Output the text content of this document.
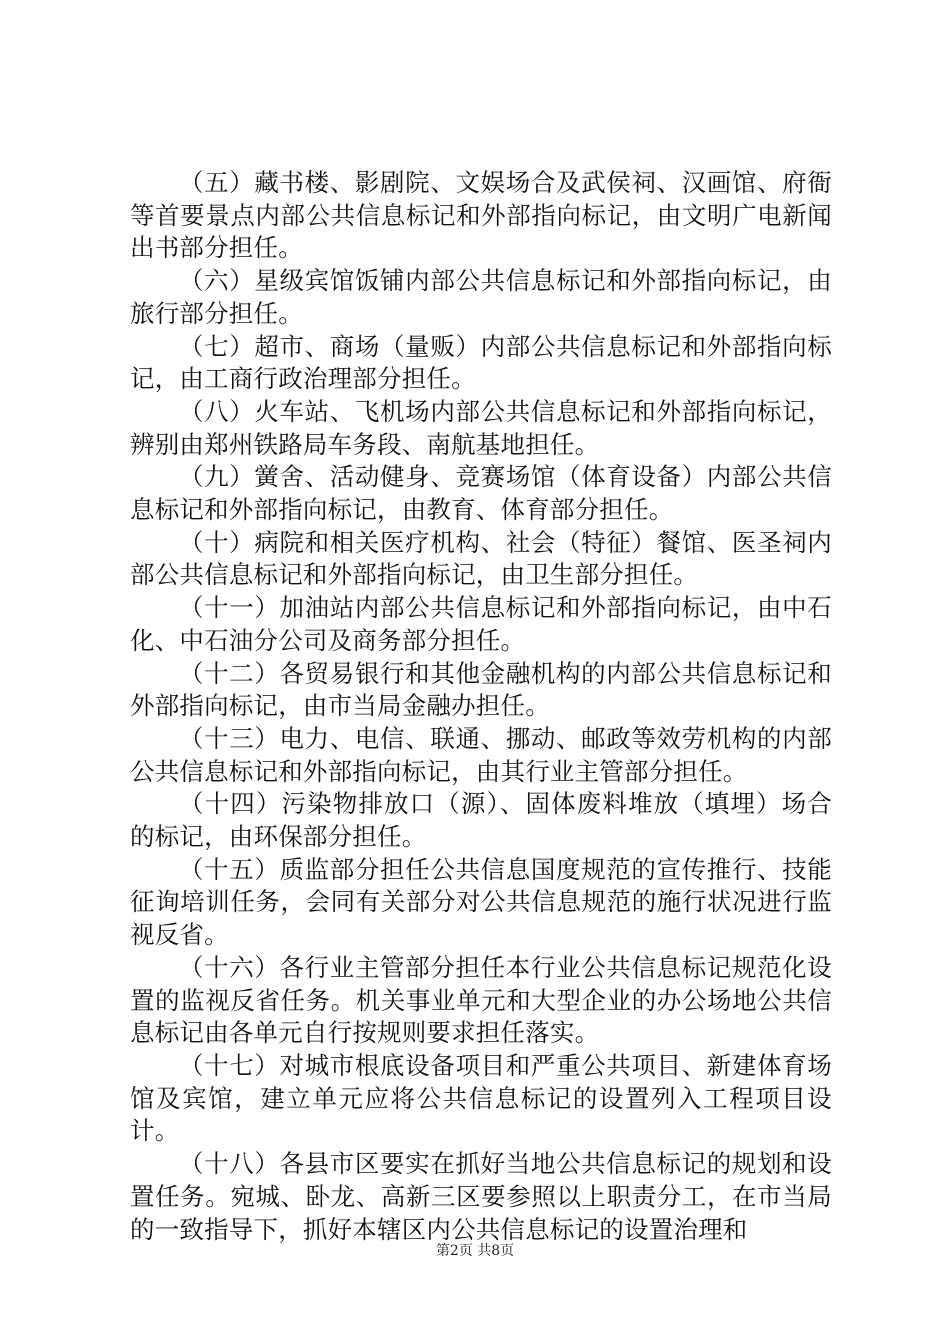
（五）藏书楼、影剧院、文娱场合及武侯祠、汉画馆、府衙等首要景点内部公共信息标记和外部指向标记，由文明广电新闻出书部分担任。

（六）星级宾馆饭铺内部公共信息标记和外部指向标记，由旅行部分担任。

（七）超市、商场（量贩）内部公共信息标记和外部指向标记，由工商行政治理部分担任。

（八）火车站、飞机场内部公共信息标记和外部指向标记，辨别由郑州铁路局车务段、南航基地担任。

（九）黉舍、活动健身、竞赛场馆（体育设备）内部公共信息标记和外部指向标记，由教育、体育部分担任。

（十）病院和相关医疗机构、社会（特征）餐馆、医圣祠内部公共信息标记和外部指向标记，由卫生部分担任。

（十一）加油站内部公共信息标记和外部指向标记，由中石化、中石油分公司及商务部分担任。

（十二）各贸易银行和其他金融机构的内部公共信息标记和外部指向标记，由市当局金融办担任。

（十三）电力、电信、联通、挪动、邮政等效劳机构的内部公共信息标记和外部指向标记，由其行业主管部分担任。

（十四）污染物排放口（源）、固体废料堆放（填埋）场合的标记，由环保部分担任。

（十五）质监部分担任公共信息国度规范的宣传推行、技能征询培训任务，会同有关部分对公共信息规范的施行状况进行监视反省。

（十六）各行业主管部分担任本行业公共信息标记规范化设置的监视反省任务。机关事业单元和大型企业的办公场地公共信息标记由各单元自行按规则要求担任落实。

（十七）对城市根底设备项目和严重公共项目、新建体育场馆及宾馆，建立单元应将公共信息标记的设置列入工程项目设计。

（十八）各县市区要实在抓好当地公共信息标记的规划和设置任务。宛城、卧龙、高新三区要参照以上职责分工，在市当局的一致指导下，抓好本辖区内公共信息标记的设置治理和

第2页 共8页
